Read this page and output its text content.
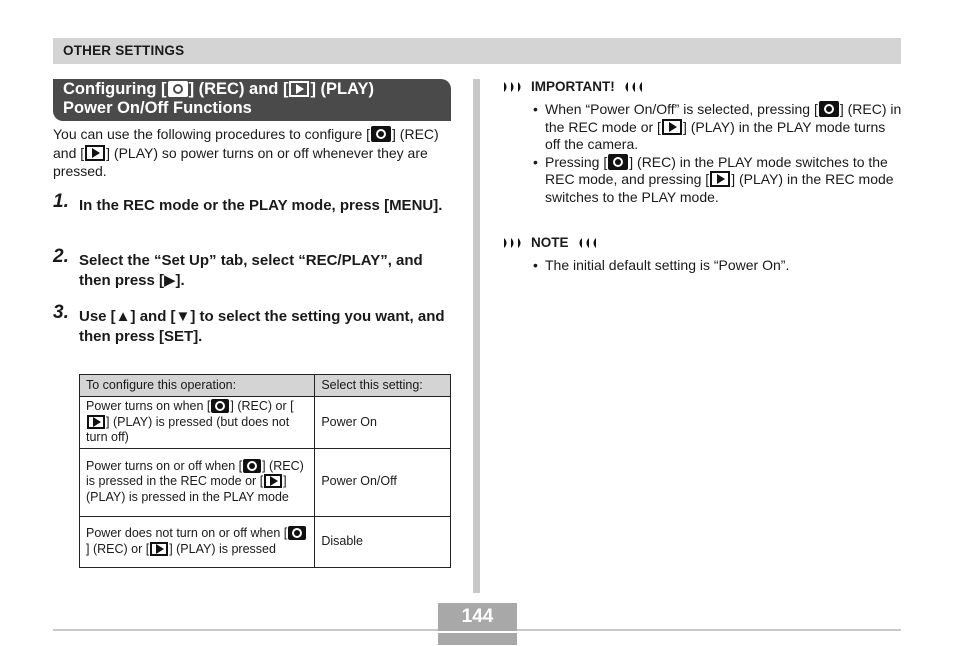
OTHER SETTINGS
Configuring [ ] (REC) and [ ] (PLAY)
Power On/Off Functions
You can use the following procedures to configure [ ] (REC) and [ ] (PLAY) so power turns on or off whenever they are pressed.
1. In the REC mode or the PLAY mode, press [MENU].
2. Select the “Set Up” tab, select “REC/PLAY”, and then press [▶].
3. Use [▲] and [▼] to select the setting you want, and then press [SET].
To configure this operation:	Select this setting:
Power turns on when [ ] (REC) or [] (PLAY) is pressed (but does not turn off)	Power On
Power turns on or off when [ ] (REC) is pressed in the REC mode or [ ] (PLAY) is pressed in the PLAY mode	Power On/Off
Power does not turn on or off when [] (REC) or [ ] (PLAY) is pressed	Disable
IMPORTANT!
• When “Power On/Off” is selected, pressing [ ] (REC) in the REC mode or [ ] (PLAY) in the PLAY mode turns off the camera.
• Pressing [ ] (REC) in the PLAY mode switches to the REC mode, and pressing [ ] (PLAY) in the REC mode switches to the PLAY mode.
NOTE
• The initial default setting is “Power On”.
144
